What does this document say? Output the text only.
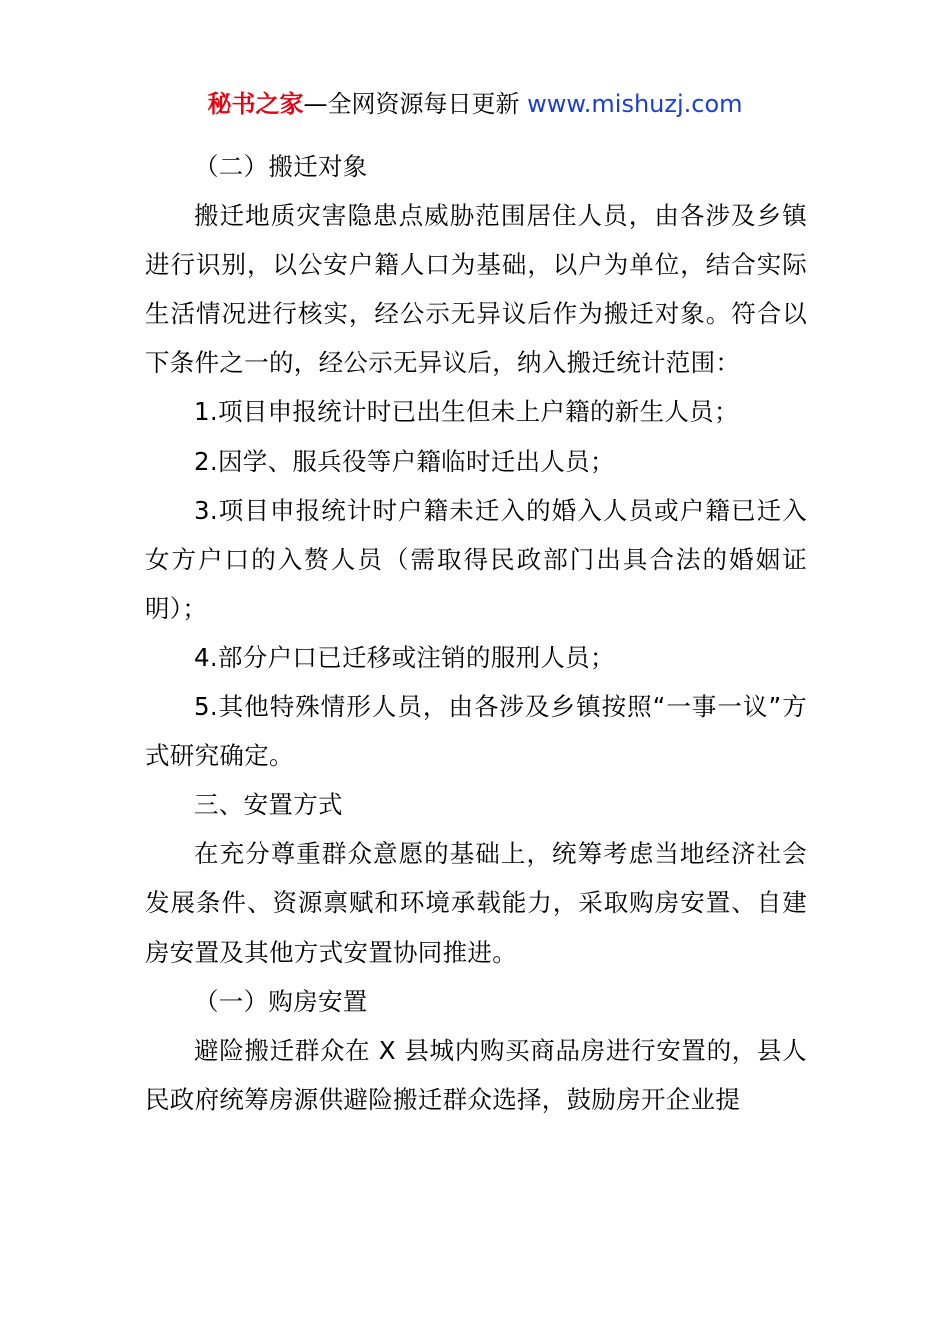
秘书之家—全网资源每日更新 www.mishuzj.com

（二）搬迁对象

搬迁地质灾害隐患点威胁范围居住人员，由各涉及乡镇进行识别，以公安户籍人口为基础，以户为单位，结合实际生活情况进行核实，经公示无异议后作为搬迁对象。符合以下条件之一的，经公示无异议后，纳入搬迁统计范围：

1.项目申报统计时已出生但未上户籍的新生人员；

2.因学、服兵役等户籍临时迁出人员；

3.项目申报统计时户籍未迁入的婚入人员或户籍已迁入女方户口的入赘人员（需取得民政部门出具合法的婚姻证明）；

4.部分户口已迁移或注销的服刑人员；

5.其他特殊情形人员，由各涉及乡镇按照“一事一议”方式研究确定。

三、安置方式

在充分尊重群众意愿的基础上，统筹考虑当地经济社会发展条件、资源禀赋和环境承载能力，采取购房安置、自建房安置及其他方式安置协同推进。

（一）购房安置

避险搬迁群众在 X 县城内购买商品房进行安置的，县人民政府统筹房源供避险搬迁群众选择，鼓励房开企业提
